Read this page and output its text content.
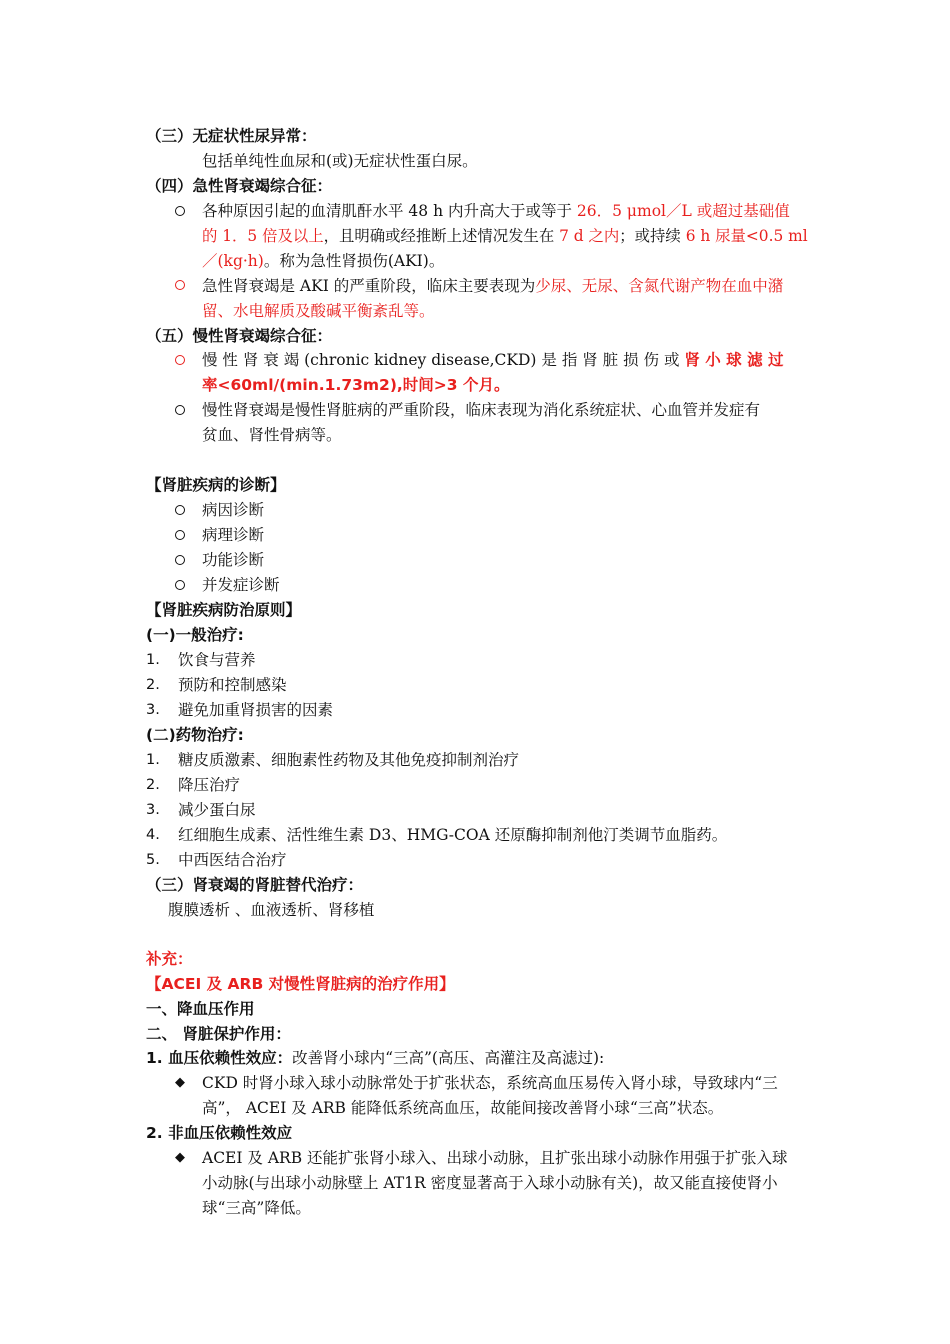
（三）无症状性尿异常：
包括单纯性血尿和(或)无症状性蛋白尿。
（四）急性肾衰竭综合征：
各种原因引起的血清肌酐水平 48 h 内升高大于或等于 26．5 μmol／L 或超过基础值
的 1．5 倍及以上，且明确或经推断上述情况发生在 7 d 之内；或持续 6 h 尿量<0.5 ml
／(kg·h)。称为急性肾损伤(AKI)。
急性肾衰竭是 AKI 的严重阶段，临床主要表现为少尿、无尿、含氮代谢产物在血中潴
留、水电解质及酸碱平衡紊乱等。
（五）慢性肾衰竭综合征：
慢 性 肾 衰 竭 (chronic kidney disease,CKD) 是 指 肾 脏 损 伤 或 肾 小 球 滤 过
率<60ml/(min.1.73m2),时间>3 个月。
慢性肾衰竭是慢性肾脏病的严重阶段，临床表现为消化系统症状、心血管并发症有
贫血、肾性骨病等。
【肾脏疾病的诊断】
病因诊断
病理诊断
功能诊断
并发症诊断
【肾脏疾病防治原则】
(一)一般治疗:
1. 饮食与营养
2. 预防和控制感染
3. 避免加重肾损害的因素
(二)药物治疗:
1. 糖皮质激素、细胞素性药物及其他免疫抑制剂治疗
2. 降压治疗
3. 减少蛋白尿
4. 红细胞生成素、活性维生素 D3、HMG-COA 还原酶抑制剂他汀类调节血脂药。
5. 中西医结合治疗
（三）肾衰竭的肾脏替代治疗：
腹膜透析 、血液透析、肾移植
补充：
【ACEI 及 ARB 对慢性肾脏病的治疗作用】
一、降血压作用
二、 肾脏保护作用：
1. 血压依赖性效应：改善肾小球内“三高”(高压、高灌注及高滤过):
◆ CKD 时肾小球入球小动脉常处于扩张状态，系统高血压易传入肾小球，导致球内“三
高”， ACEI 及 ARB 能降低系统高血压，故能间接改善肾小球“三高”状态。
2. 非血压依赖性效应
◆ ACEI 及 ARB 还能扩张肾小球入、出球小动脉，且扩张出球小动脉作用强于扩张入球
小动脉(与出球小动脉壁上 AT1R 密度显著高于入球小动脉有关)，故又能直接使肾小
球“三高”降低。
